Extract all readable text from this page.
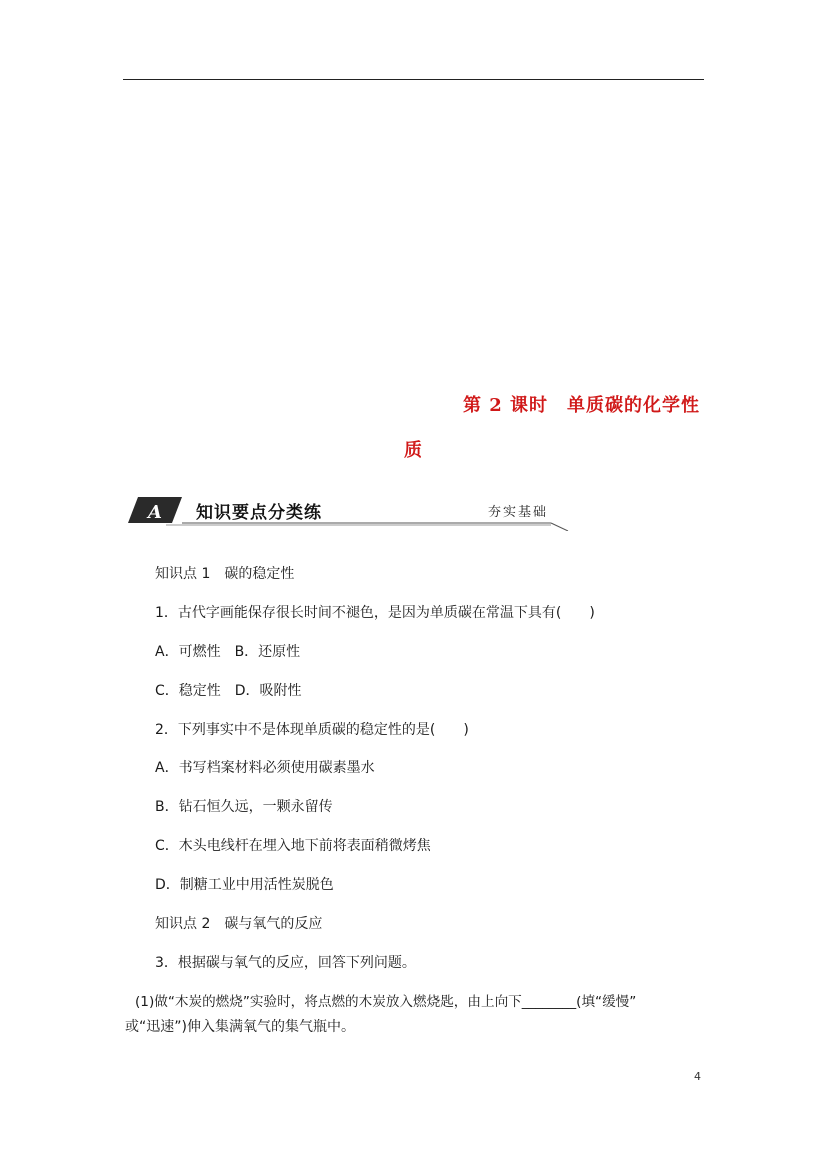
第 2 课时　单质碳的化学性
质
A 知识要点分类练	夯实基础
知识点 1　碳的稳定性
1．古代字画能保存很长时间不褪色，是因为单质碳在常温下具有(　　)
A．可燃性　B．还原性
C．稳定性　D．吸附性
2．下列事实中不是体现单质碳的稳定性的是(　　)
A．书写档案材料必须使用碳素墨水
B．钻石恒久远，一颗永留传
C．木头电线杆在埋入地下前将表面稍微烤焦
D．制糖工业中用活性炭脱色
知识点 2　碳与氧气的反应
3．根据碳与氧气的反应，回答下列问题。
(1)做“木炭的燃烧”实验时，将点燃的木炭放入燃烧匙，由上向下________(填“缓慢”
或“迅速”)伸入集满氧气的集气瓶中。
4
